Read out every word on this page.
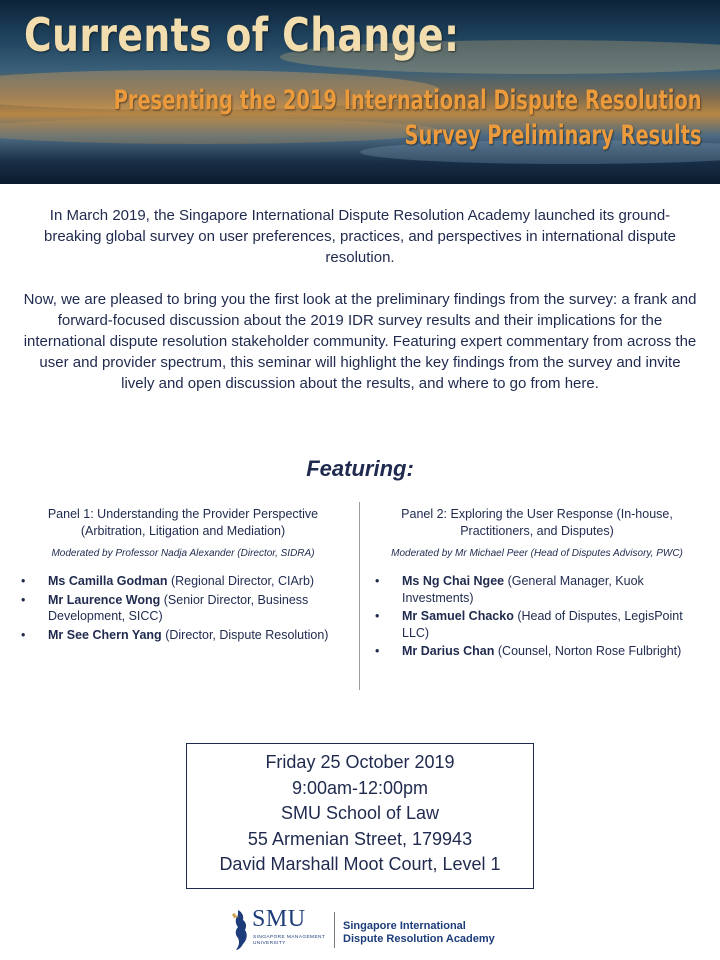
Currents of Change:
Presenting the 2019 International Dispute Resolution
Survey Preliminary Results

In March 2019, the Singapore International Dispute Resolution Academy launched its ground-breaking global survey on user preferences, practices, and perspectives in international dispute resolution.

Now, we are pleased to bring you the first look at the preliminary findings from the survey: a frank and forward-focused discussion about the 2019 IDR survey results and their implications for the international dispute resolution stakeholder community. Featuring expert commentary from across the user and provider spectrum, this seminar will highlight the key findings from the survey and invite lively and open discussion about the results, and where to go from here.

Featuring:
Panel 1: Understanding the Provider Perspective (Arbitration, Litigation and Mediation)

Moderated by Professor Nadja Alexander (Director, SIDRA)

• Ms Camilla Godman (Regional Director, CIArb)
• Mr Laurence Wong (Senior Director, Business Development, SICC)
• Mr See Chern Yang (Director, Dispute Resolution)
Panel 2: Exploring the User Response (In-house, Practitioners, and Disputes)

Moderated by Mr Michael Peer (Head of Disputes Advisory, PWC)

• Ms Ng Chai Ngee (General Manager, Kuok Investments)
• Mr Samuel Chacko (Head of Disputes, LegisPoint LLC)
• Mr Darius Chan (Counsel, Norton Rose Fulbright)
Friday 25 October 2019
9:00am-12:00pm
SMU School of Law
55 Armenian Street, 179943
David Marshall Moot Court, Level 1
SMU
SINGAPORE MANAGEMENT
UNIVERSITY
Singapore International
Dispute Resolution Academy
